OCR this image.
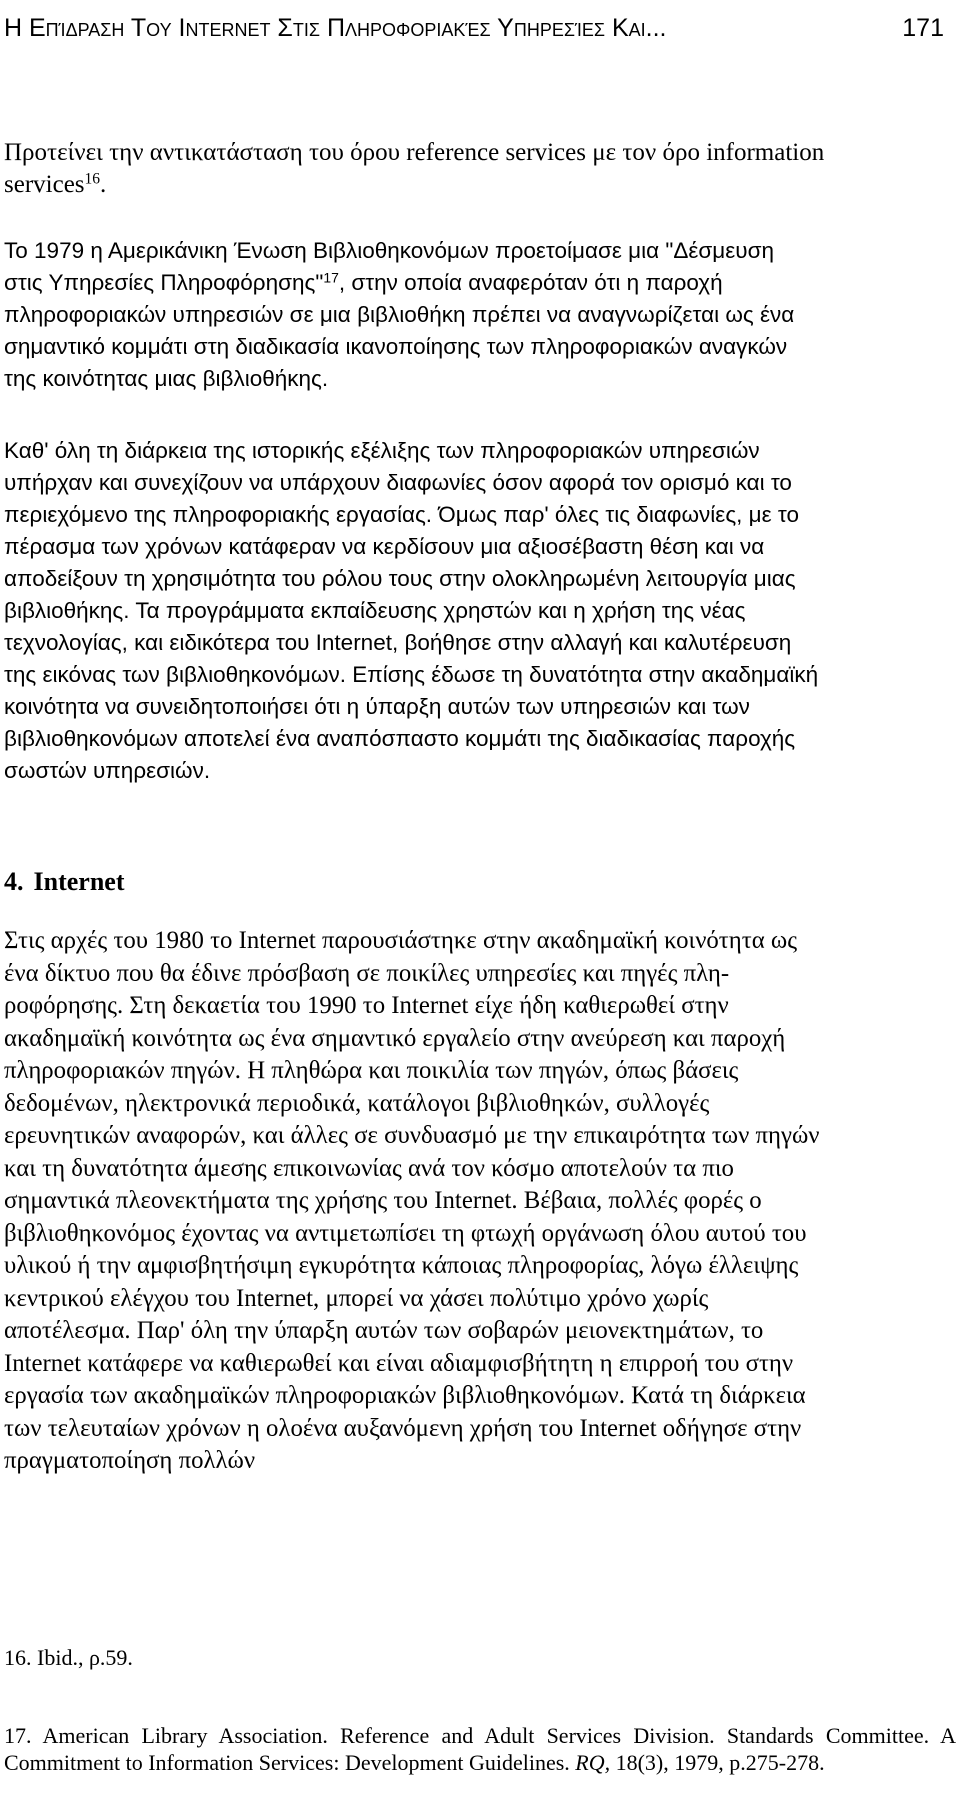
Η Επίδραση Του Internet Στις Πληροφοριακές Υπηρεσίες Και...	171
Προτείνει την αντικατάσταση του όρου reference services με τον όρο information
services$^{16}$.
Το 1979 η Αμερικάνικη Ένωση Βιβλιοθηκονόμων προετοίμασε μια "Δέσμευση
στις Υπηρεσίες Πληροφόρησης"$^{17}$, στην οποία αναφερόταν ότι η παροχή
πληροφοριακών υπηρεσιών σε μια βιβλιοθήκη πρέπει να αναγνωρίζεται ως ένα
σημαντικό κομμάτι στη διαδικασία ικανοποίησης των πληροφοριακών αναγκών
της κοινότητας μιας βιβλιοθήκης.
Καθ' όλη τη διάρκεια της ιστορικής εξέλιξης των πληροφοριακών υπηρεσιών
υπήρχαν και συνεχίζουν να υπάρχουν διαφωνίες όσον αφορά τον ορισμό και το
περιεχόμενο της πληροφοριακής εργασίας. Όμως παρ' όλες τις διαφωνίες, με το
πέρασμα των χρόνων κατάφεραν να κερδίσουν μια αξιοσέβαστη θέση και να
αποδείξουν τη χρησιμότητα του ρόλου τους στην ολοκληρωμένη λειτουργία μιας
βιβλιοθήκης. Τα προγράμματα εκπαίδευσης χρηστών και η χρήση της νέας
τεχνολογίας, και ειδικότερα του Internet, βοήθησε στην αλλαγή και καλυτέρευση
της εικόνας των βιβλιοθηκονόμων. Επίσης έδωσε τη δυνατότητα στην ακαδημαϊκή
κοινότητα να συνειδητοποιήσει ότι η ύπαρξη αυτών των υπηρεσιών και των
βιβλιοθηκονόμων αποτελεί ένα αναπόσπαστο κομμάτι της διαδικασίας παροχής
σωστών υπηρεσιών.
4. Internet
Στις αρχές του 1980 το Internet παρουσιάστηκε στην ακαδημαϊκή κοινότητα ως
ένα δίκτυο που θα έδινε πρόσβαση σε ποικίλες υπηρεσίες και πηγές πλη-
ροφόρησης. Στη δεκαετία του 1990 το Internet είχε ήδη καθιερωθεί στην
ακαδημαϊκή κοινότητα ως ένα σημαντικό εργαλείο στην ανεύρεση και παροχή
πληροφοριακών πηγών. Η πληθώρα και ποικιλία των πηγών, όπως βάσεις
δεδομένων, ηλεκτρονικά περιοδικά, κατάλογοι βιβλιοθηκών, συλλογές
ερευνητικών αναφορών, και άλλες σε συνδυασμό με την επικαιρότητα των πηγών
και τη δυνατότητα άμεσης επικοινωνίας ανά τον κόσμο αποτελούν τα πιο
σημαντικά πλεονεκτήματα της χρήσης του Internet. Βέβαια, πολλές φορές ο
βιβλιοθηκονόμος έχοντας να αντιμετωπίσει τη φτωχή οργάνωση όλου αυτού του
υλικού ή την αμφισβητήσιμη εγκυρότητα κάποιας πληροφορίας, λόγω έλλειψης
κεντρικού ελέγχου του Internet, μπορεί να χάσει πολύτιμο χρόνο χωρίς
αποτέλεσμα. Παρ' όλη την ύπαρξη αυτών των σοβαρών μειονεκτημάτων, το
Internet κατάφερε να καθιερωθεί και είναι αδιαμφισβήτητη η επιρροή του στην
εργασία των ακαδημαϊκών πληροφοριακών βιβλιοθηκονόμων. Κατά τη διάρκεια
των τελευταίων χρόνων η ολοένα αυξανόμενη χρήση του Internet οδήγησε στην
πραγματοποίηση πολλών
16. Ibid., ρ.59.
17. American Library Association. Reference and Adult Services Division. Standards Committee. A Commitment to Information Services: Development Guidelines. RQ, 18(3), 1979, p.275-278.
